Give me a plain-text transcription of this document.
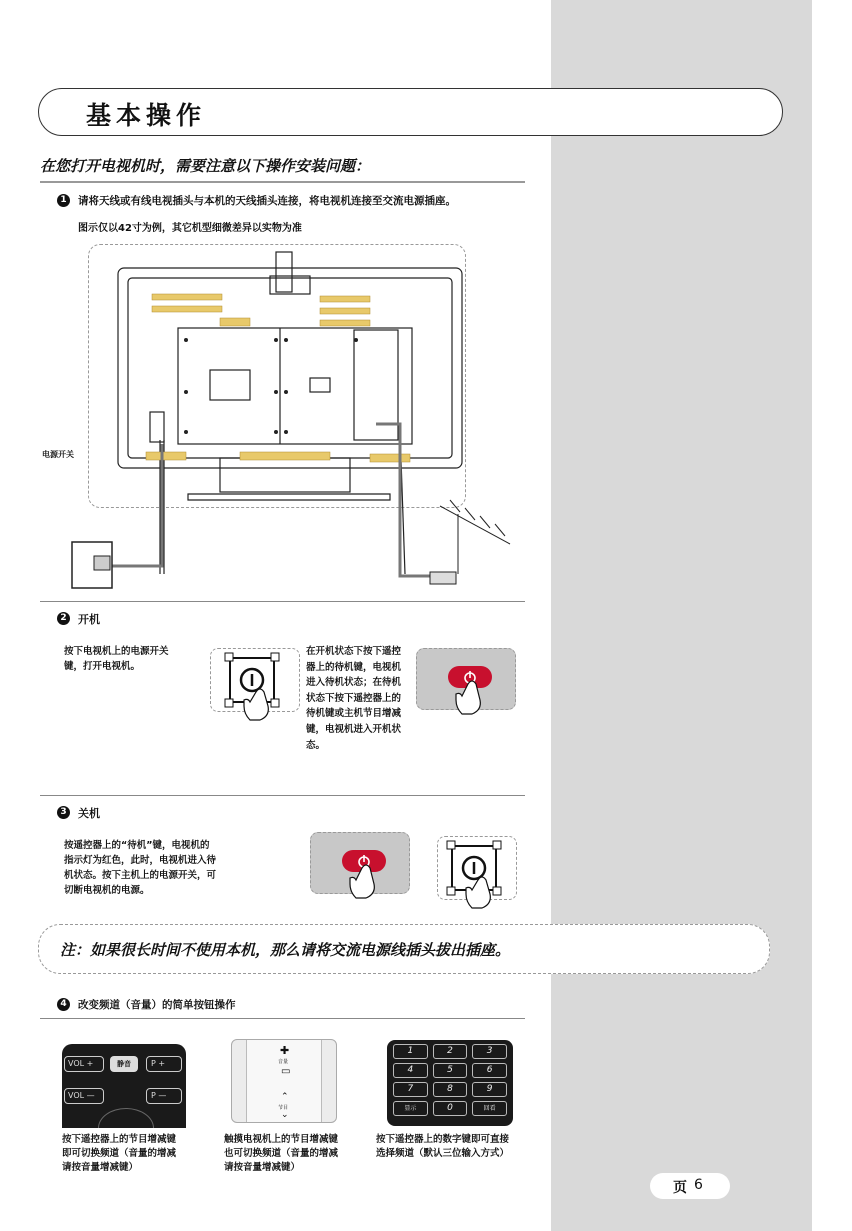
基本操作
在您打开电视机时，需要注意以下操作安装问题：
1	请将天线或有线电视插头与本机的天线插头连接，将电视机连接至交流电源插座。
图示仅以42寸为例，其它机型细微差异以实物为准
电源开关
2	开机
按下电视机上的电源开关
键，打开电视机。
在开机状态下按下遥控
器上的待机键，电视机
进入待机状态；在待机
状态下按下遥控器上的
待机键或主机节目增减
键，电视机进入开机状
态。
3	关机
按遥控器上的“待机”键，电视机的
指示灯为红色，此时，电视机进入待
机状态。按下主机上的电源开关，可
切断电视机的电源。
注：如果很长时间不使用本机，那么请将交流电源线插头拔出插座。
4	改变频道（音量）的简单按钮操作
VOL +	静音	P +
VOL —	P —
✚
音量
▭
⌃
节目
⌄
1	2	3
4	5	6
7	8	9
显示	0	回看
按下遥控器上的节目增减键
即可切换频道（音量的增减
请按音量增减键）
触摸电视机上的节目增减键
也可切换频道（音量的增减
请按音量增减键）
按下遥控器上的数字键即可直接
选择频道（默认三位输入方式）
页 6
